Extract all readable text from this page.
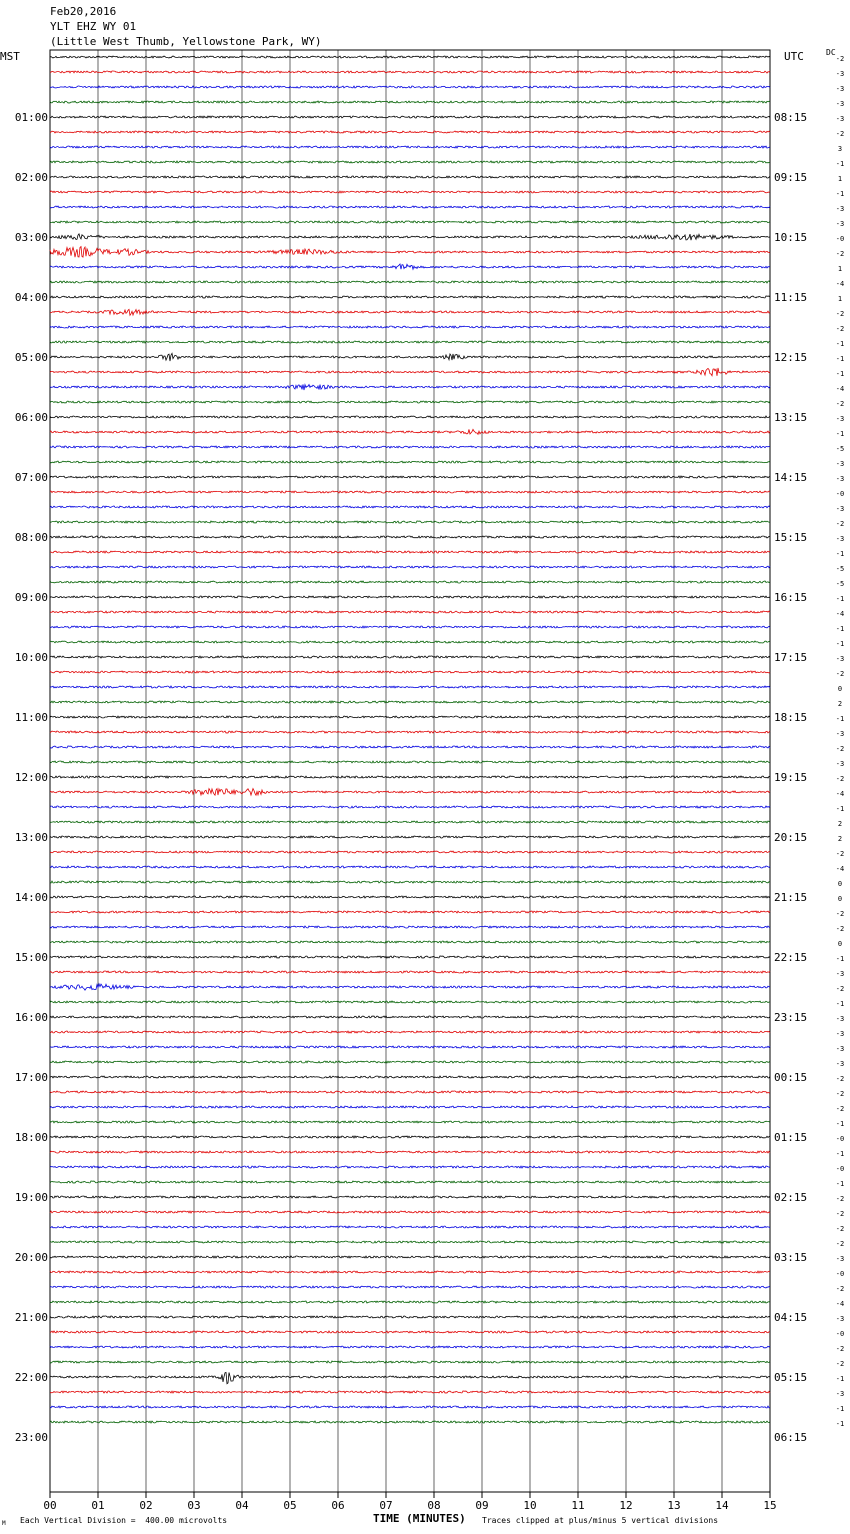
Feb20,2016
YLT EHZ WY 01
(Little West Thumb, Yellowstone Park, WY)
00	01	02	03	04	05	06	07	08	09	10	11	12	13	14	15
-2
-3
-3
-3
-3
-2
3
-1
1
-1
-3
-3
-0
-2
1
-4
1
-2
-2
-1
-1
-1
-4
-2
-3
-1
-5
-3
-3
-0
-3
-2
-3
-1
-5
-5
-1
-4
-1
-1
-3
-2
0
2
-1
-3
-2
-3
-2
-4
-1
2
2
-2
-4
0
0
-2
-2
0
-1
-3
-2
-1
-3
-3
-3
-3
-2
-2
-2
-1
-0
-1
-0
-1
-2
-2
-2
-2
-3
-0
-2
-4
-3
-0
-2
-2
-1
-3
-1
-1
01:00	08:15
02:00	09:15
03:00	10:15
04:00	11:15
05:00	12:15
06:00	13:15
07:00	14:15
08:00	15:15
09:00	16:15
10:00	17:15
11:00	18:15
12:00	19:15
13:00	20:15
14:00	21:15
15:00	22:15
16:00	23:15
17:00	00:15
18:00	01:15
19:00	02:15
20:00	03:15
21:00	04:15
22:00	05:15
23:00	06:15
MST	UTC	DC
TIME (MINUTES)
Each Vertical Division =  400.00 microvolts	Traces clipped at plus/minus 5 vertical divisions
M
